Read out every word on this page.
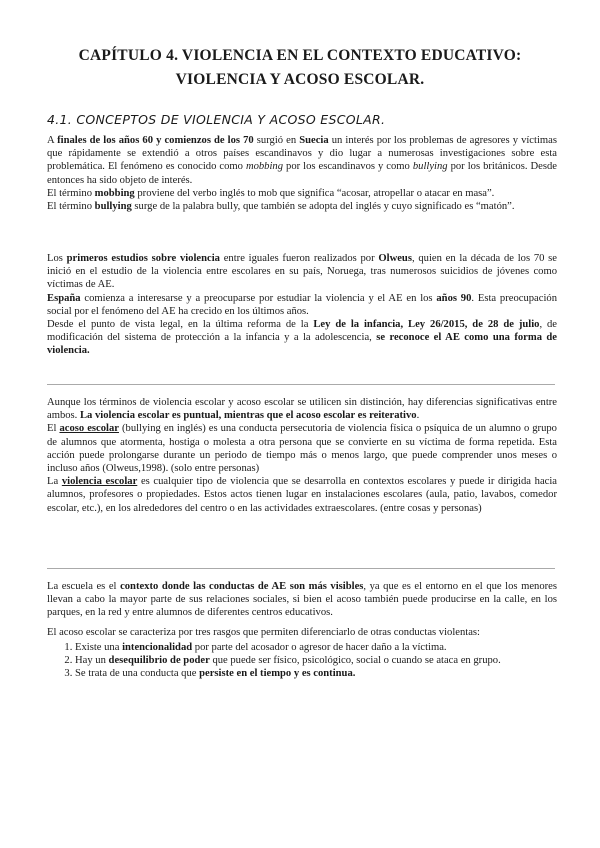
CAPÍTULO 4. VIOLENCIA EN EL CONTEXTO EDUCATIVO:
VIOLENCIA Y ACOSO ESCOLAR.
4.1. CONCEPTOS DE VIOLENCIA Y ACOSO ESCOLAR.

A finales de los años 60 y comienzos de los 70 surgió en Suecia un interés por los problemas de agresores y víctimas que rápidamente se extendió a otros países escandinavos y dio lugar a numerosas investigaciones sobre esta problemática. El fenómeno es conocido como mobbing por los escandinavos y como bullying por los británicos. Desde entonces ha sido objeto de interés.

El término mobbing proviene del verbo inglés to mob que significa “acosar, atropellar o atacar en masa”.

El término bullying surge de la palabra bully, que también se adopta del inglés y cuyo significado es “matón”.

Los primeros estudios sobre violencia entre iguales fueron realizados por Olweus, quien en la década de los 70 se inició en el estudio de la violencia entre escolares en su país, Noruega, tras numerosos suicidios de jóvenes como víctimas de AE.

España comienza a interesarse y a preocuparse por estudiar la violencia y el AE en los años 90. Esta preocupación social por el fenómeno del AE ha crecido en los últimos años.

Desde el punto de vista legal, en la última reforma de la Ley de la infancia, Ley 26/2015, de 28 de julio, de modificación del sistema de protección a la infancia y a la adolescencia, se reconoce el AE como una forma de violencia.

Aunque los términos de violencia escolar y acoso escolar se utilicen sin distinción, hay diferencias significativas entre ambos. La violencia escolar es puntual, mientras que el acoso escolar es reiterativo.

El acoso escolar (bullying en inglés) es una conducta persecutoria de violencia física o psíquica de un alumno o grupo de alumnos que atormenta, hostiga o molesta a otra persona que se convierte en su víctima de forma repetida. Esta acción puede prolongarse durante un periodo de tiempo más o menos largo, que puede comprender unos meses o incluso años (Olweus,1998). (solo entre personas)

La violencia escolar es cualquier tipo de violencia que se desarrolla en contextos escolares y puede ir dirigida hacia alumnos, profesores o propiedades. Estos actos tienen lugar en instalaciones escolares (aula, patio, lavabos, comedor escolar, etc.), en los alrededores del centro o en las actividades extraescolares. (entre cosas y personas)

La escuela es el contexto donde las conductas de AE son más visibles, ya que es el entorno en el que los menores llevan a cabo la mayor parte de sus relaciones sociales, si bien el acoso también puede producirse en la calle, en los parques, en la red y entre alumnos de diferentes centros educativos.

El acoso escolar se caracteriza por tres rasgos que permiten diferenciarlo de otras conductas violentas:

1. Existe una intencionalidad por parte del acosador o agresor de hacer daño a la víctima.
2. Hay un desequilibrio de poder que puede ser físico, psicológico, social o cuando se ataca en grupo.
3. Se trata de una conducta que persiste en el tiempo y es continua.
